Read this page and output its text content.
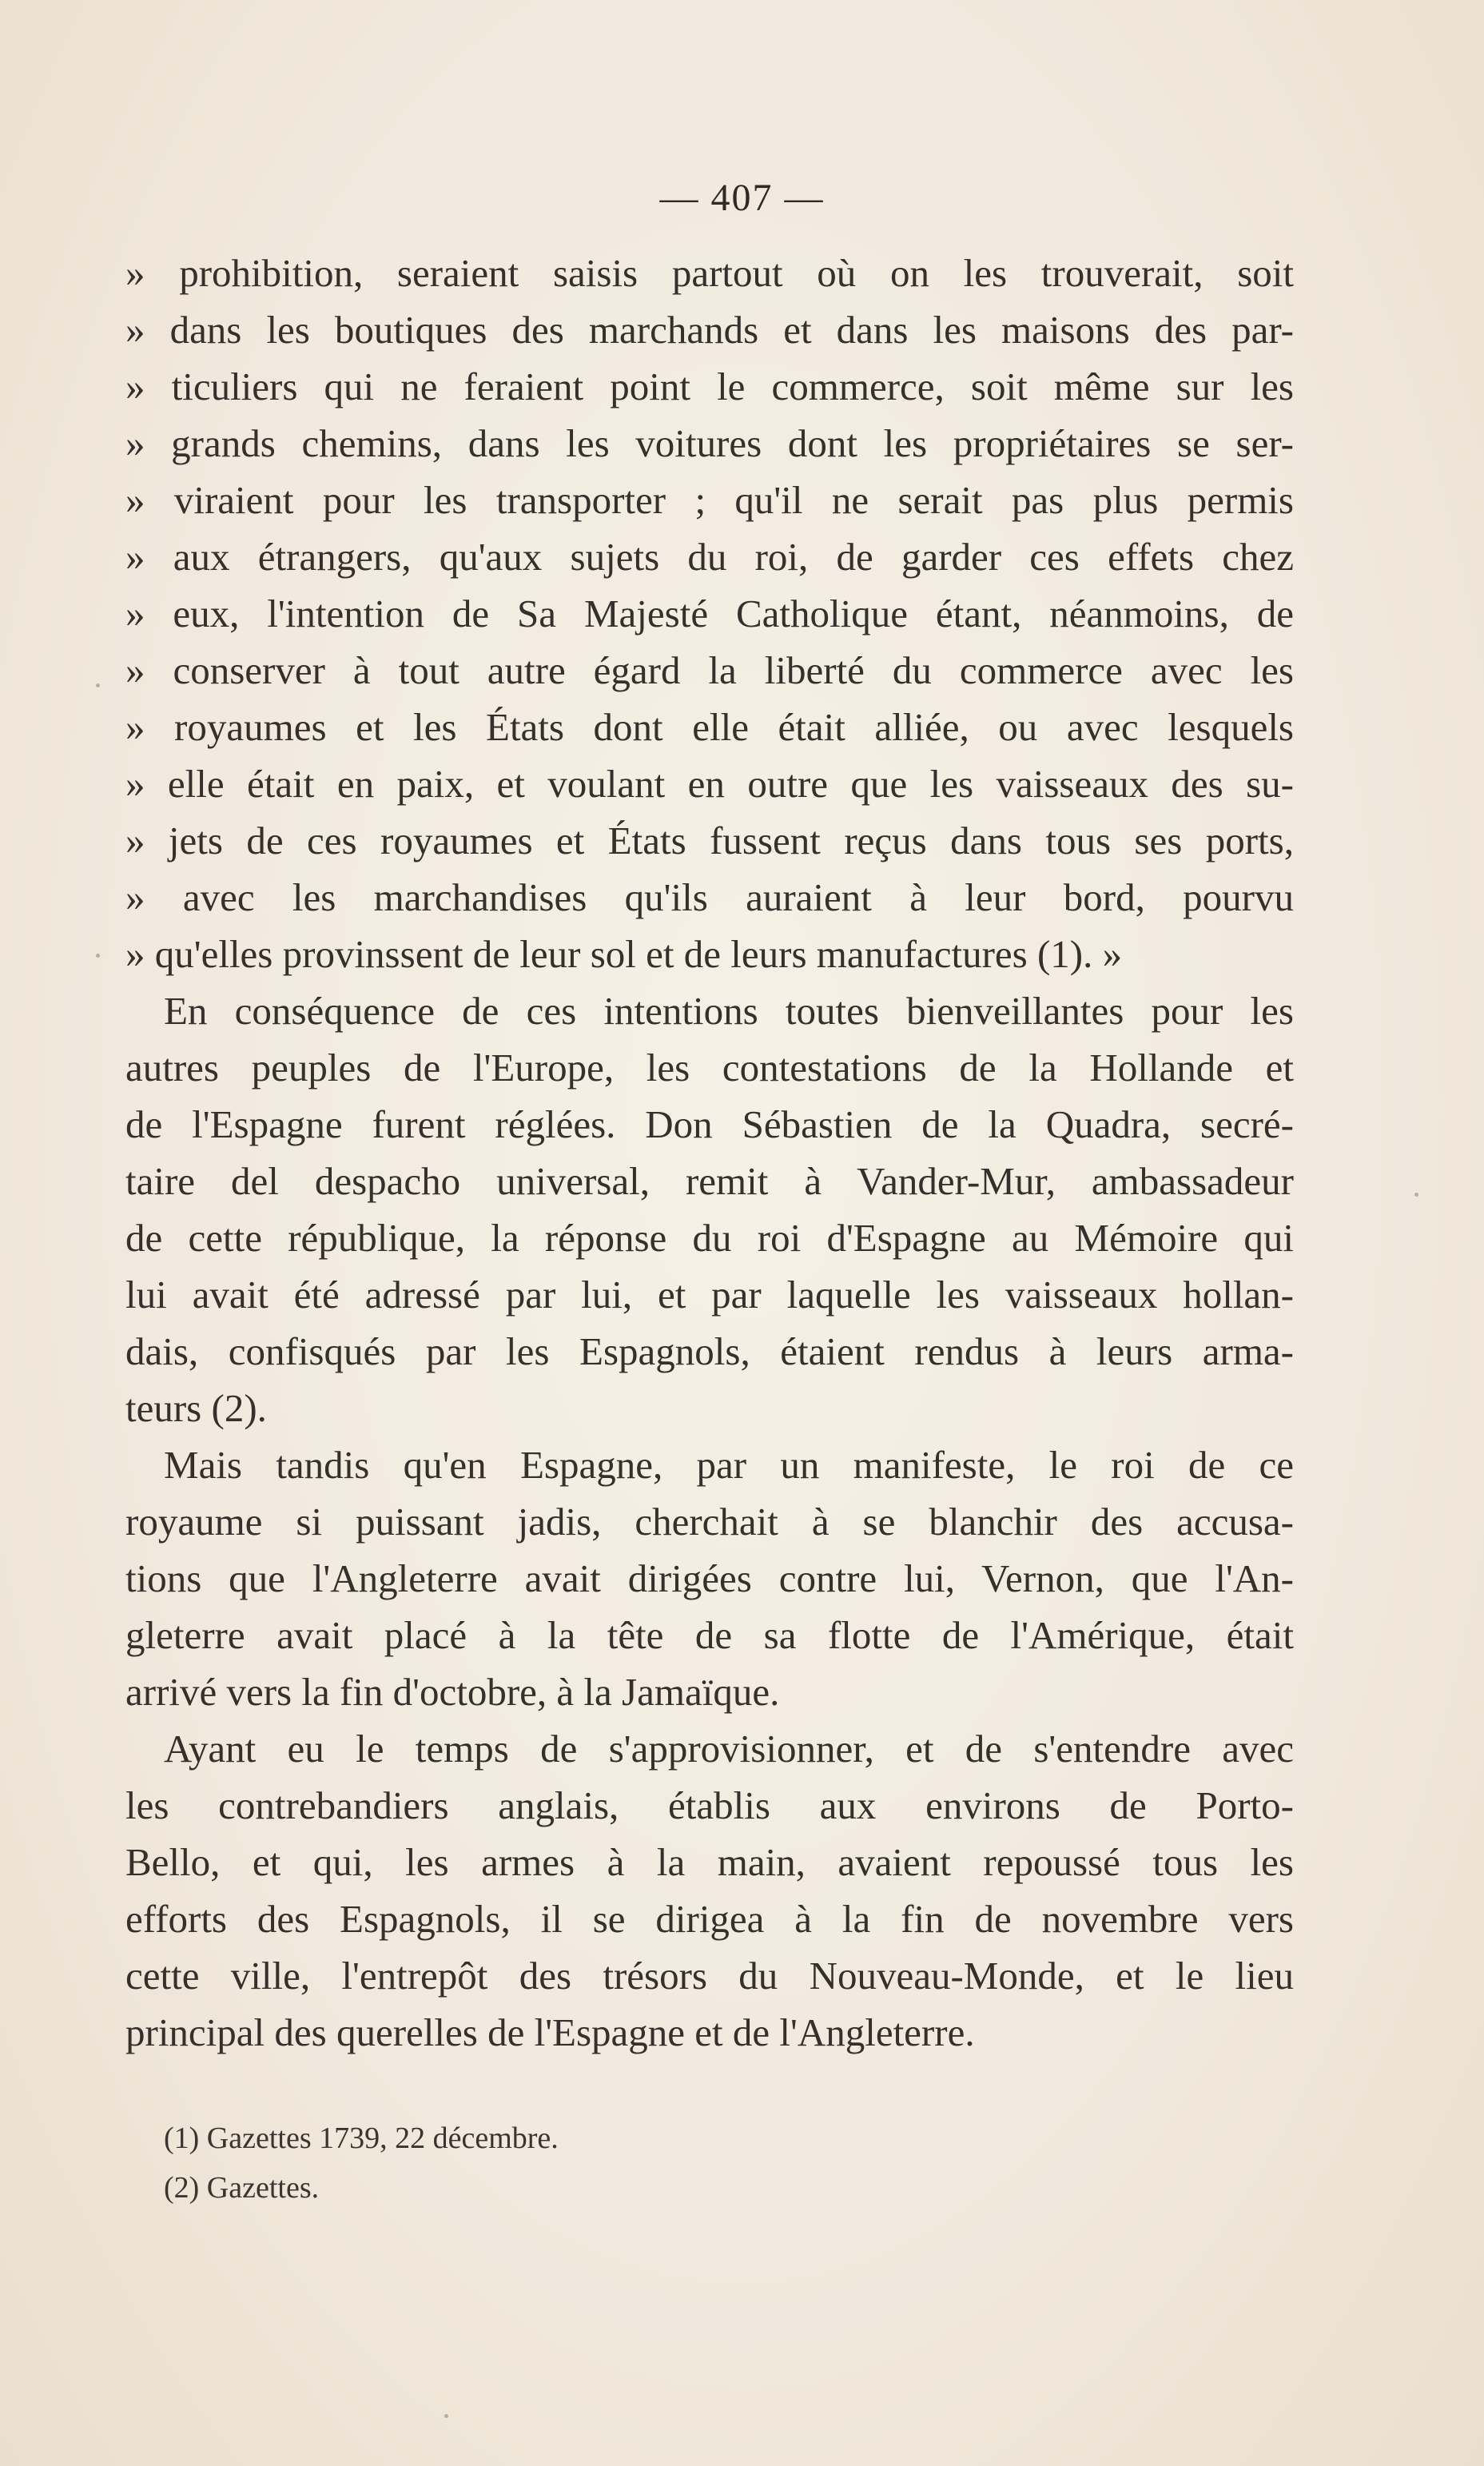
— 407 —
» prohibition, seraient saisis partout où on les trouverait, soit
» dans les boutiques des marchands et dans les maisons des par-
» ticuliers qui ne feraient point le commerce, soit même sur les
» grands chemins, dans les voitures dont les propriétaires se ser-
» viraient pour les transporter ; qu'il ne serait pas plus permis
» aux étrangers, qu'aux sujets du roi, de garder ces effets chez
» eux, l'intention de Sa Majesté Catholique étant, néanmoins, de
» conserver à tout autre égard la liberté du commerce avec les
» royaumes et les États dont elle était alliée, ou avec lesquels
» elle était en paix, et voulant en outre que les vaisseaux des su-
» jets de ces royaumes et États fussent reçus dans tous ses ports,
» avec les marchandises qu'ils auraient à leur bord, pourvu
» qu'elles provinssent de leur sol et de leurs manufactures (1). »
En conséquence de ces intentions toutes bienveillantes pour les
autres peuples de l'Europe, les contestations de la Hollande et
de l'Espagne furent réglées. Don Sébastien de la Quadra, secré-
taire del despacho universal, remit à Vander-Mur, ambassadeur
de cette république, la réponse du roi d'Espagne au Mémoire qui
lui avait été adressé par lui, et par laquelle les vaisseaux hollan-
dais, confisqués par les Espagnols, étaient rendus à leurs arma-
teurs (2).
Mais tandis qu'en Espagne, par un manifeste, le roi de ce
royaume si puissant jadis, cherchait à se blanchir des accusa-
tions que l'Angleterre avait dirigées contre lui, Vernon, que l'An-
gleterre avait placé à la tête de sa flotte de l'Amérique, était
arrivé vers la fin d'octobre, à la Jamaïque.
Ayant eu le temps de s'approvisionner, et de s'entendre avec
les contrebandiers anglais, établis aux environs de Porto-
Bello, et qui, les armes à la main, avaient repoussé tous les
efforts des Espagnols, il se dirigea à la fin de novembre vers
cette ville, l'entrepôt des trésors du Nouveau-Monde, et le lieu
principal des querelles de l'Espagne et de l'Angleterre.
(1) Gazettes 1739, 22 décembre.
(2) Gazettes.
